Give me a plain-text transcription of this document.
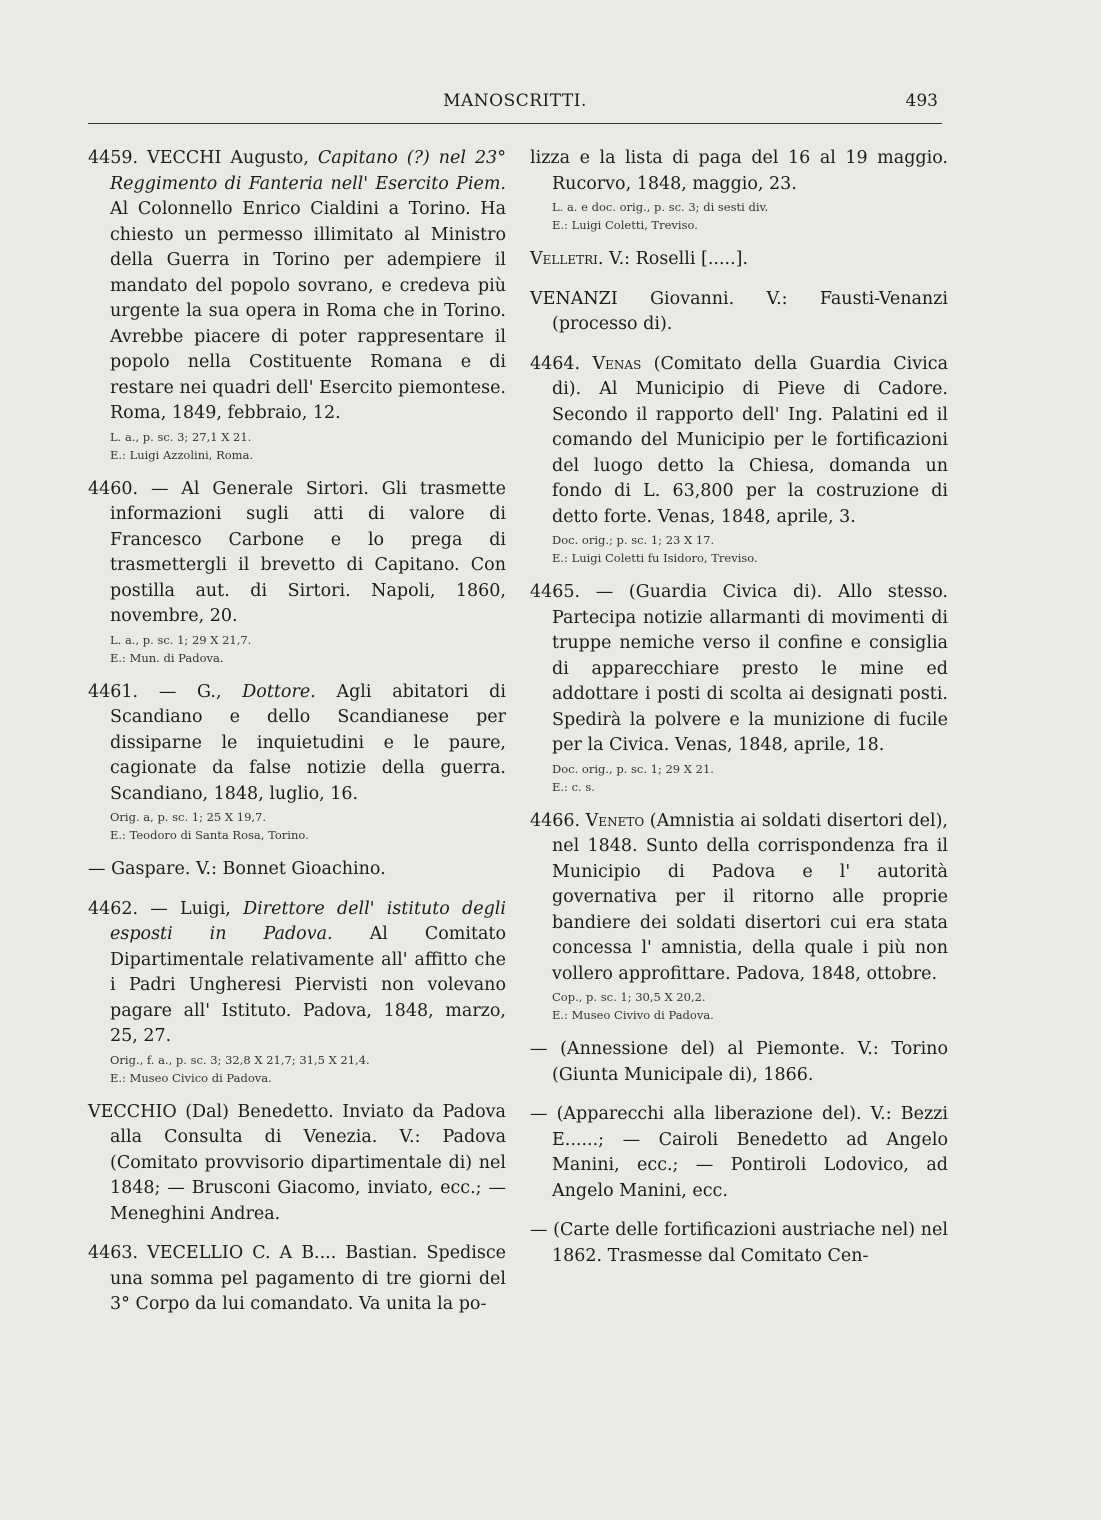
MANOSCRITTI.	493

4459. VECCHI Augusto, Capitano (?) nel 23° Reggimento di Fanteria nell' Esercito Piem. Al Colonnello Enrico Cialdini a Torino. Ha chiesto un permesso illimitato al Ministro della Guerra in Torino per adempiere il mandato del popolo sovrano, e credeva più urgente la sua opera in Roma che in Torino. Avrebbe piacere di poter rappresentare il popolo nella Costituente Romana e di restare nei quadri dell' Esercito piemontese. Roma, 1849, febbraio, 12.

L. a., p. sc. 3; 27,1 X 21.
E.: Luigi Azzolini, Roma.

4460. — Al Generale Sirtori. Gli trasmette informazioni sugli atti di valore di Francesco Carbone e lo prega di trasmettergli il brevetto di Capitano. Con postilla aut. di Sirtori. Napoli, 1860, novembre, 20.

L. a., p. sc. 1; 29 X 21,7.
E.: Mun. di Padova.

4461. — G., Dottore. Agli abitatori di Scandiano e dello Scandianese per dissiparne le inquietudini e le paure, cagionate da false notizie della guerra. Scandiano, 1848, luglio, 16.

Orig. a, p. sc. 1; 25 X 19,7.
E.: Teodoro di Santa Rosa, Torino.

— Gaspare. V.: Bonnet Gioachino.

4462. — Luigi, Direttore dell' istituto degli esposti in Padova. Al Comitato Dipartimentale relativamente all' affitto che i Padri Ungheresi Piervisti non volevano pagare all' Istituto. Padova, 1848, marzo, 25, 27.

Orig., f. a., p. sc. 3; 32,8 X 21,7; 31,5 X 21,4.
E.: Museo Civico di Padova.

VECCHIO (Dal) Benedetto. Inviato da Padova alla Consulta di Venezia. V.: Padova (Comitato provvisorio dipartimentale di) nel 1848; — Brusconi Giacomo, inviato, ecc.; — Meneghini Andrea.

4463. VECELLIO C. A B.... Bastian. Spedisce una somma pel pagamento di tre giorni del 3° Corpo da lui comandato. Va unita la po-

lizza e la lista di paga del 16 al 19 maggio. Rucorvo, 1848, maggio, 23.

L. a. e doc. orig., p. sc. 3; di sesti div.
E.: Luigi Coletti, Treviso.

Velletri. V.: Roselli [.....].

VENANZI Giovanni. V.: Fausti-Venanzi (processo di).

4464. Venas (Comitato della Guardia Civica di). Al Municipio di Pieve di Cadore. Secondo il rapporto dell' Ing. Palatini ed il comando del Municipio per le fortificazioni del luogo detto la Chiesa, domanda un fondo di L. 63,800 per la costruzione di detto forte. Venas, 1848, aprile, 3.

Doc. orig.; p. sc. 1; 23 X 17.
E.: Luigi Coletti fu Isidoro, Treviso.

4465. — (Guardia Civica di). Allo stesso. Partecipa notizie allarmanti di movimenti di truppe nemiche verso il confine e consiglia di apparecchiare presto le mine ed addottare i posti di scolta ai designati posti. Spedirà la polvere e la munizione di fucile per la Civica. Venas, 1848, aprile, 18.

Doc. orig., p. sc. 1; 29 X 21.
E.: c. s.

4466. Veneto (Amnistia ai soldati disertori del), nel 1848. Sunto della corrispondenza fra il Municipio di Padova e l' autorità governativa per il ritorno alle proprie bandiere dei soldati disertori cui era stata concessa l' amnistia, della quale i più non vollero approfittare. Padova, 1848, ottobre.

Cop., p. sc. 1; 30,5 X 20,2.
E.: Museo Civivo di Padova.

— (Annessione del) al Piemonte. V.: Torino (Giunta Municipale di), 1866.

— (Apparecchi alla liberazione del). V.: Bezzi E......; — Cairoli Benedetto ad Angelo Manini, ecc.; — Pontiroli Lodovico, ad Angelo Manini, ecc.

— (Carte delle fortificazioni austriache nel) nel 1862. Trasmesse dal Comitato Cen-
